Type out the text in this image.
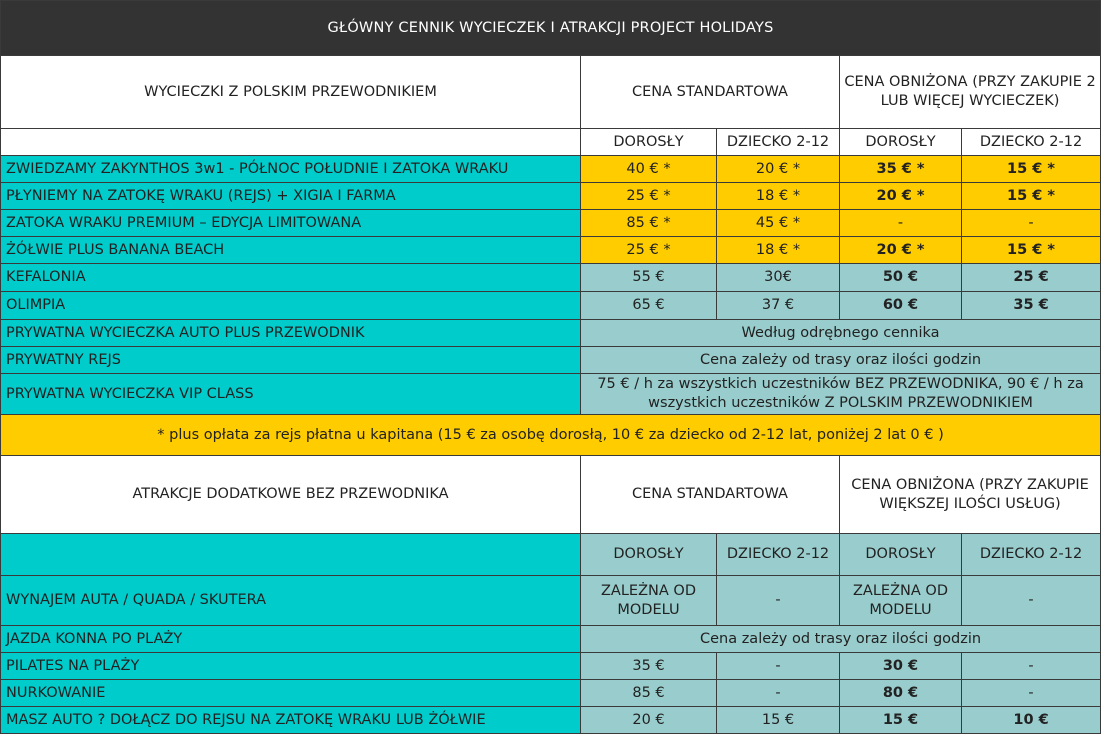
GŁÓWNY CENNIK WYCIECZEK I ATRAKCJI PROJECT HOLIDAYS				
WYCIECZKI Z POLSKIM PRZEWODNIKIEM	CENA STANDARTOWA		CENA OBNIŻONA (PRZY ZAKUPIE 2 LUB WIĘCEJ WYCIECZEK)	
	DOROSŁY	DZIECKO 2-12	DOROSŁY	DZIECKO 2-12
ZWIEDZAMY ZAKYNTHOS 3w1 - PÓŁNOC POŁUDNIE I ZATOKA WRAKU	40 € *	20 € *	35 € *	15 € *
PŁYNIEMY NA ZATOKĘ WRAKU (REJS) + XIGIA I FARMA	25 € *	18 € *	20 € *	15 € *
ZATOKA WRAKU PREMIUM – EDYCJA LIMITOWANA	85 € *	45 € *	-	-
ŻÓŁWIE PLUS BANANA BEACH	25 € *	18 € *	20 € *	15 € *
KEFALONIA	55 €	30€	50 €	25 €
OLIMPIA	65 €	37 €	60 €	35 €
PRYWATNA WYCIECZKA AUTO PLUS PRZEWODNIK	Według odrębnego cennika			
PRYWATNY REJS	Cena zależy od trasy oraz ilości godzin			
PRYWATNA WYCIECZKA VIP CLASS	75 € / h za wszystkich uczestników BEZ PRZEWODNIKA, 90 € / h za wszystkich uczestników Z POLSKIM PRZEWODNIKIEM			
* plus opłata za rejs płatna u kapitana (15 € za osobę dorosłą, 10 € za dziecko od 2-12 lat, poniżej 2 lat 0 € )				
ATRAKCJE DODATKOWE BEZ PRZEWODNIKA	CENA STANDARTOWA		CENA OBNIŻONA (PRZY ZAKUPIE WIĘKSZEJ ILOŚCI USŁUG)	
	DOROSŁY	DZIECKO 2-12	DOROSŁY	DZIECKO 2-12
WYNAJEM AUTA / QUADA / SKUTERA	ZALEŻNA OD MODELU	-	ZALEŻNA OD MODELU	-
JAZDA KONNA PO PLAŻY	Cena zależy od trasy oraz ilości godzin			
PILATES NA PLAŻY	35 €	-	30 €	-
NURKOWANIE	85 €	-	80 €	-
MASZ AUTO ? DOŁĄCZ DO REJSU NA ZATOKĘ WRAKU LUB ŻÓŁWIE	20 €	15 €	15 €	10 €
